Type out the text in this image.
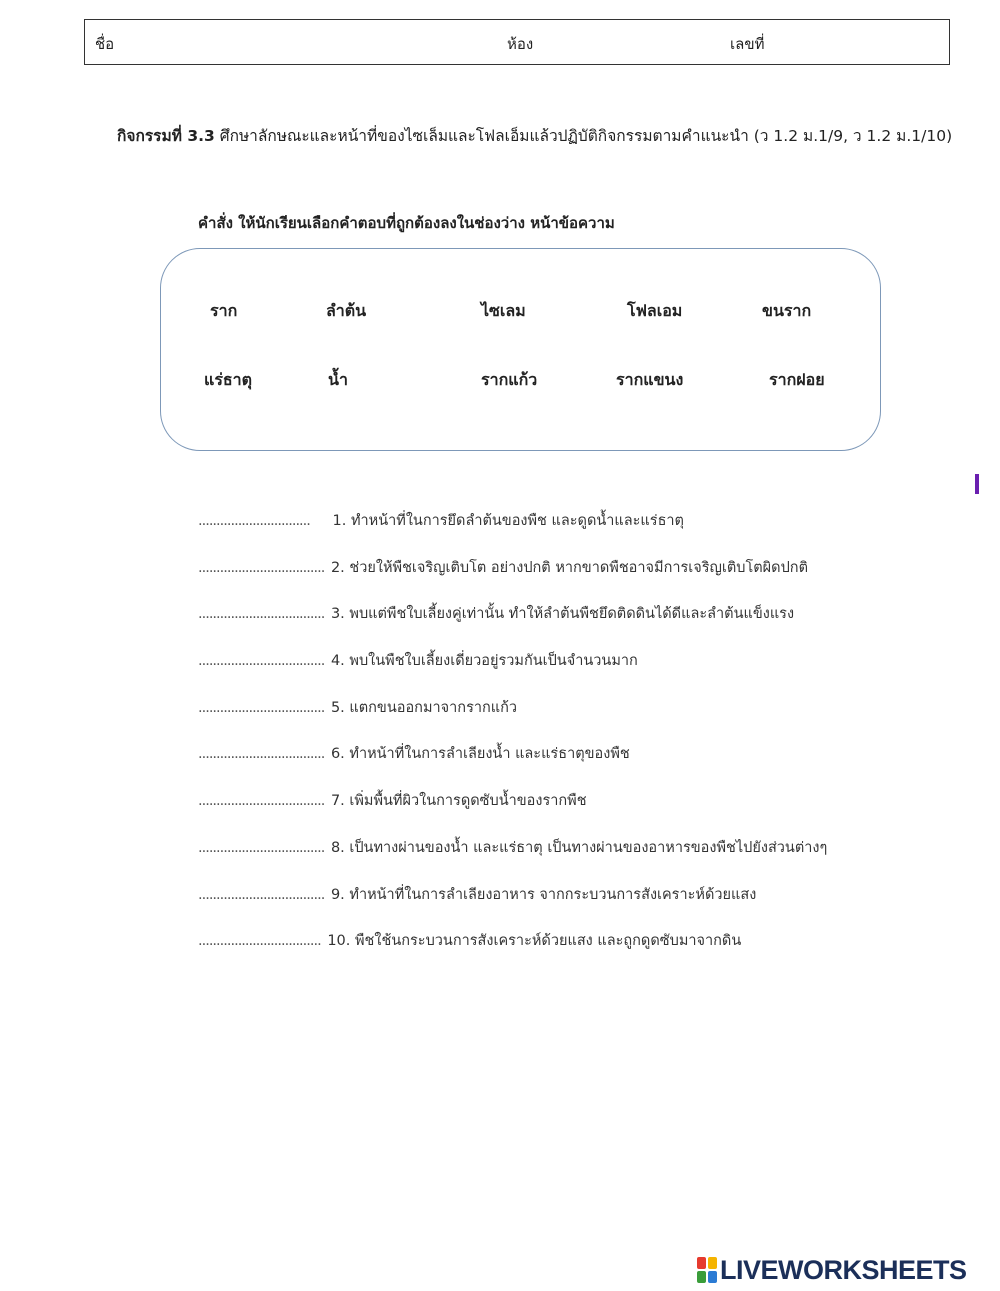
ชื่อ	ห้อง	เลขที่
กิจกรรมที่ 3.3 ศึกษาลักษณะและหน้าที่ของไซเล็มและโฟลเอ็มแล้วปฏิบัติกิจกรรมตามคำแนะนำ (ว 1.2 ม.1/9, ว 1.2 ม.1/10)
คำสั่ง ให้นักเรียนเลือกคำตอบที่ถูกต้องลงในช่องว่าง หน้าข้อความ
ราก	ลำต้น	ไซเลม	โฟลเอม	ขนราก
แร่ธาตุ	น้ำ	รากแก้ว	รากแขนง	รากฝอย
............................... 1. ทำหน้าที่ในการยึดลำต้นของพืช และดูดน้ำและแร่ธาตุ
................................... 2. ช่วยให้พืชเจริญเติบโต อย่างปกติ หากขาดพืชอาจมีการเจริญเติบโตผิดปกติ
................................... 3. พบแต่พืชใบเลี้ยงคู่เท่านั้น ทำให้ลำต้นพืชยึดติดดินได้ดีและลำต้นแข็งแรง
................................... 4. พบในพืชใบเลี้ยงเดี่ยวอยู่รวมกันเป็นจำนวนมาก
................................... 5. แตกขนออกมาจากรากแก้ว
................................... 6. ทำหน้าที่ในการลำเลียงน้ำ และแร่ธาตุของพืช
................................... 7. เพิ่มพื้นที่ผิวในการดูดซับน้ำของรากพืช
................................... 8. เป็นทางผ่านของน้ำ และแร่ธาตุ เป็นทางผ่านของอาหารของพืชไปยังส่วนต่างๆ
................................... 9. ทำหน้าที่ในการลำเลียงอาหาร จากกระบวนการสังเคราะห์ด้วยแสง
.................................. 10. พืชใช้นกระบวนการสังเคราะห์ด้วยแสง และถูกดูดซับมาจากดิน
LIVEWORKSHEETS
